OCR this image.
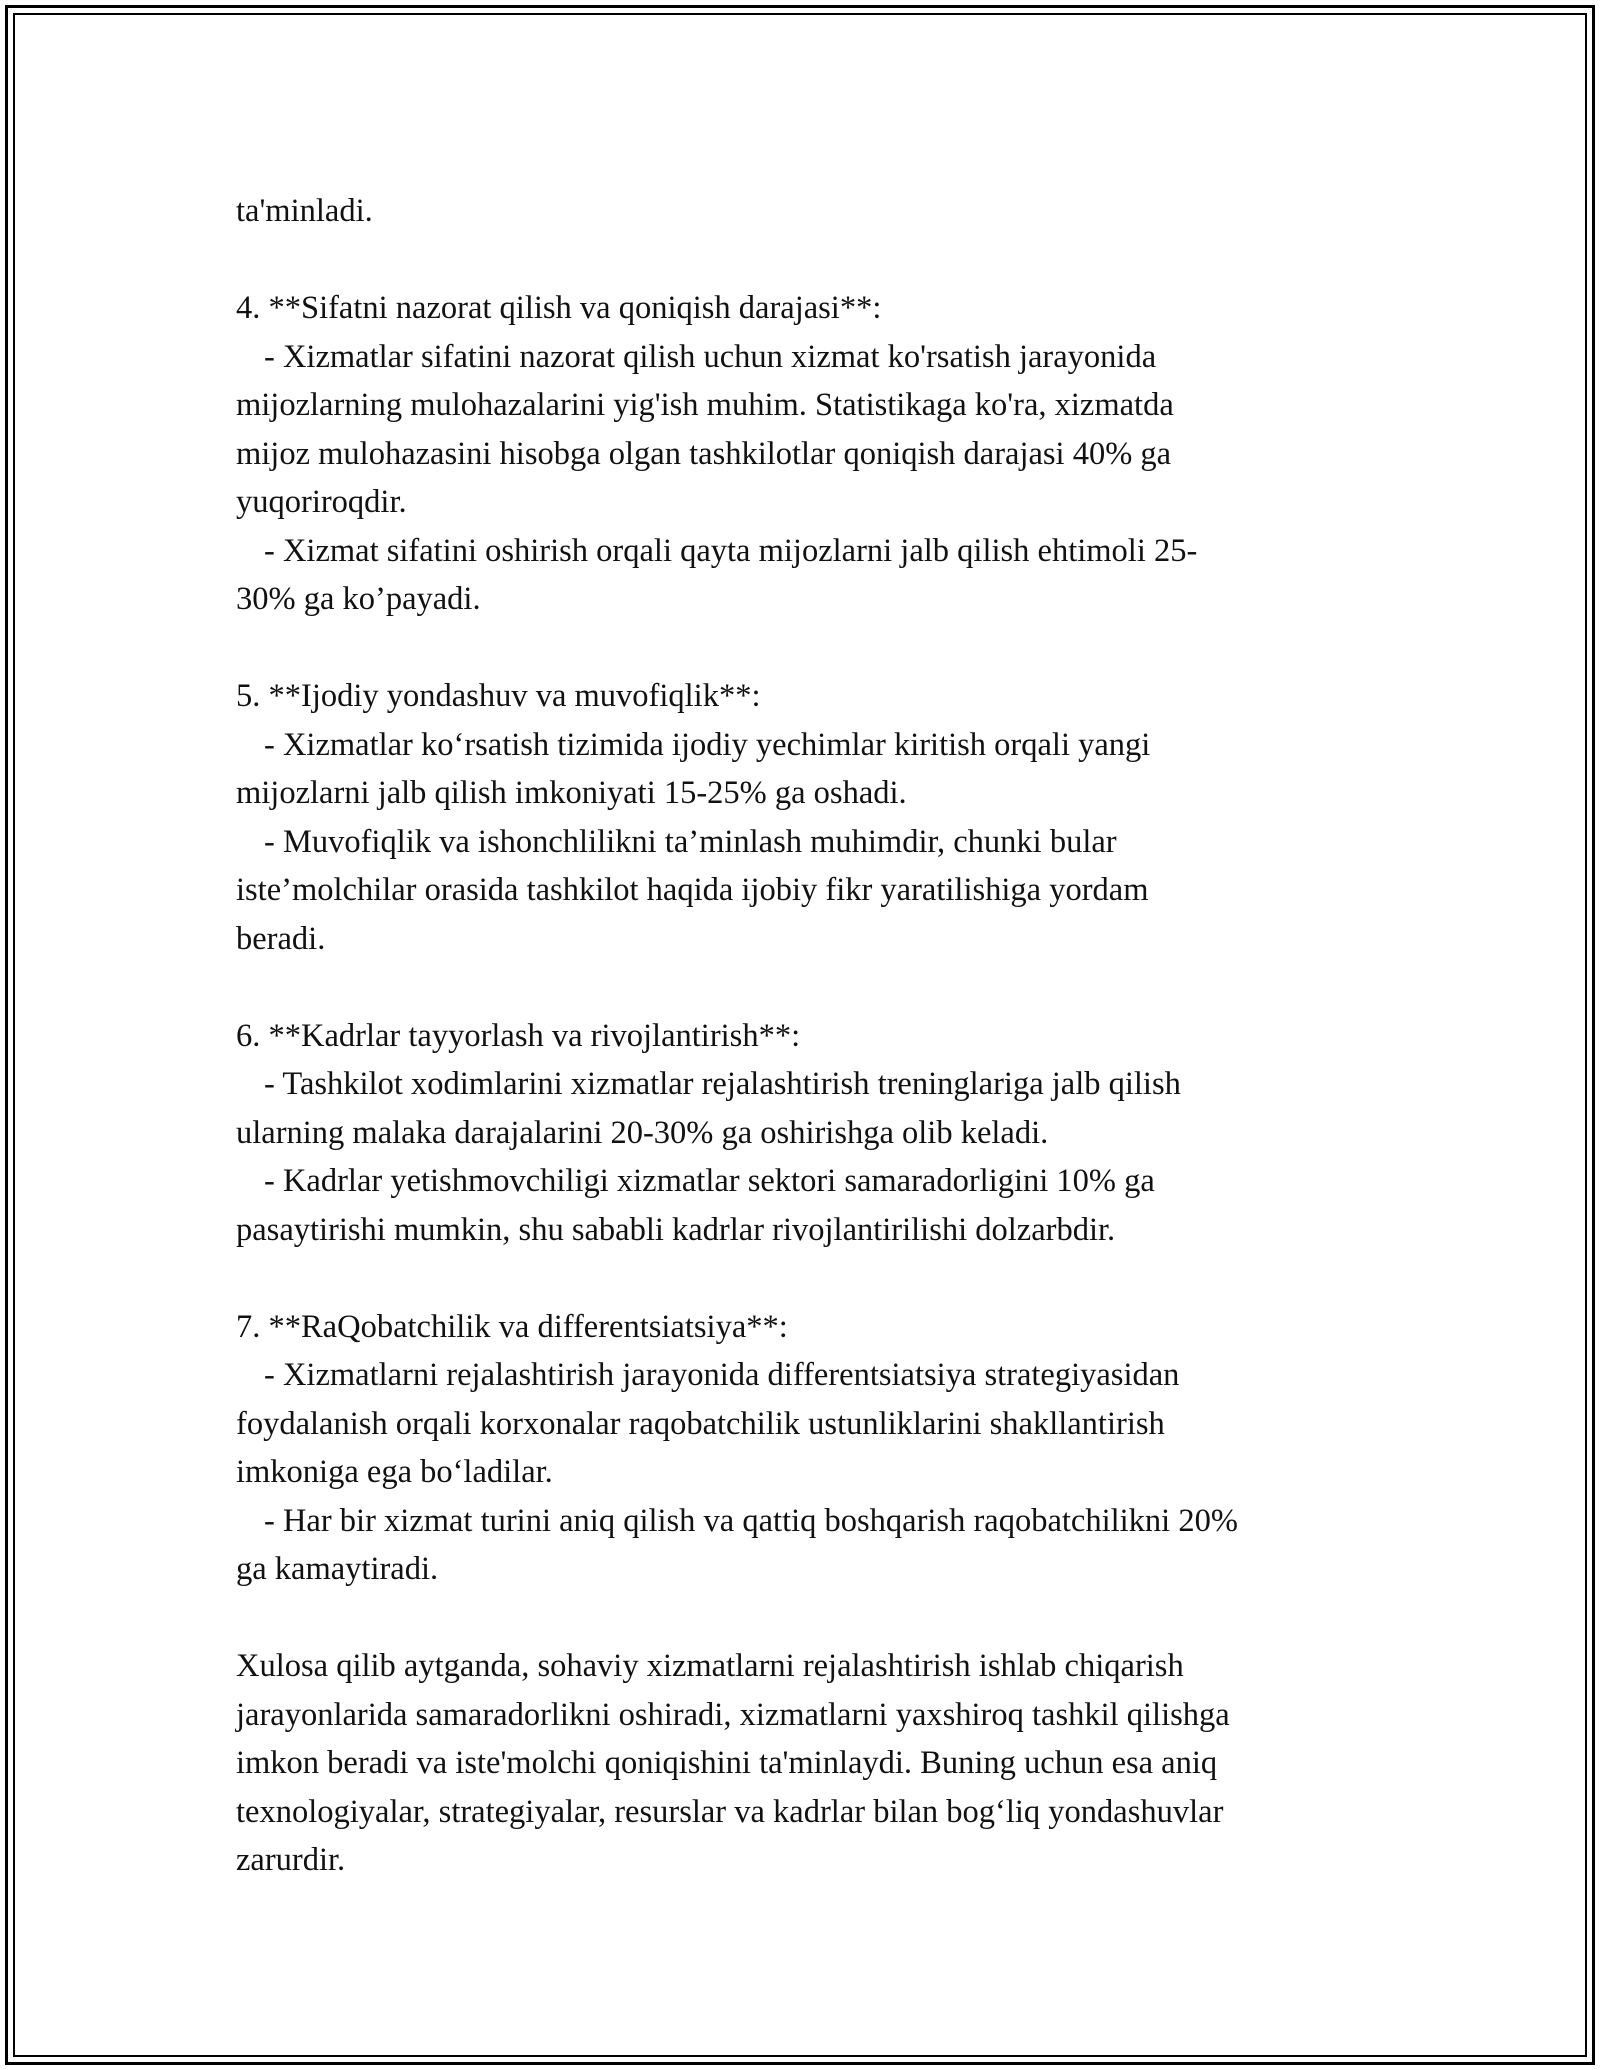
ta'minladi.
4. **Sifatni nazorat qilish va qoniqish darajasi**:
- Xizmatlar sifatini nazorat qilish uchun xizmat ko'rsatish jarayonida
mijozlarning mulohazalarini yig'ish muhim. Statistikaga ko'ra, xizmatda
mijoz mulohazasini hisobga olgan tashkilotlar qoniqish darajasi 40% ga
yuqoriroqdir.
- Xizmat sifatini oshirish orqali qayta mijozlarni jalb qilish ehtimoli 25-
30% ga ko’payadi.
5. **Ijodiy yondashuv va muvofiqlik**:
- Xizmatlar ko‘rsatish tizimida ijodiy yechimlar kiritish orqali yangi
mijozlarni jalb qilish imkoniyati 15-25% ga oshadi.
- Muvofiqlik va ishonchlilikni ta’minlash muhimdir, chunki bular
iste’molchilar orasida tashkilot haqida ijobiy fikr yaratilishiga yordam
beradi.
6. **Kadrlar tayyorlash va rivojlantirish**:
- Tashkilot xodimlarini xizmatlar rejalashtirish treninglariga jalb qilish
ularning malaka darajalarini 20-30% ga oshirishga olib keladi.
- Kadrlar yetishmovchiligi xizmatlar sektori samaradorligini 10% ga
pasaytirishi mumkin, shu sababli kadrlar rivojlantirilishi dolzarbdir.
7. **RaQobatchilik va differentsiatsiya**:
- Xizmatlarni rejalashtirish jarayonida differentsiatsiya strategiyasidan
foydalanish orqali korxonalar raqobatchilik ustunliklarini shakllantirish
imkoniga ega bo‘ladilar.
- Har bir xizmat turini aniq qilish va qattiq boshqarish raqobatchilikni 20%
ga kamaytiradi.
Xulosa qilib aytganda, sohaviy xizmatlarni rejalashtirish ishlab chiqarish
jarayonlarida samaradorlikni oshiradi, xizmatlarni yaxshiroq tashkil qilishga
imkon beradi va iste'molchi qoniqishini ta'minlaydi. Buning uchun esa aniq
texnologiyalar, strategiyalar, resurslar va kadrlar bilan bog‘liq yondashuvlar
zarurdir.
